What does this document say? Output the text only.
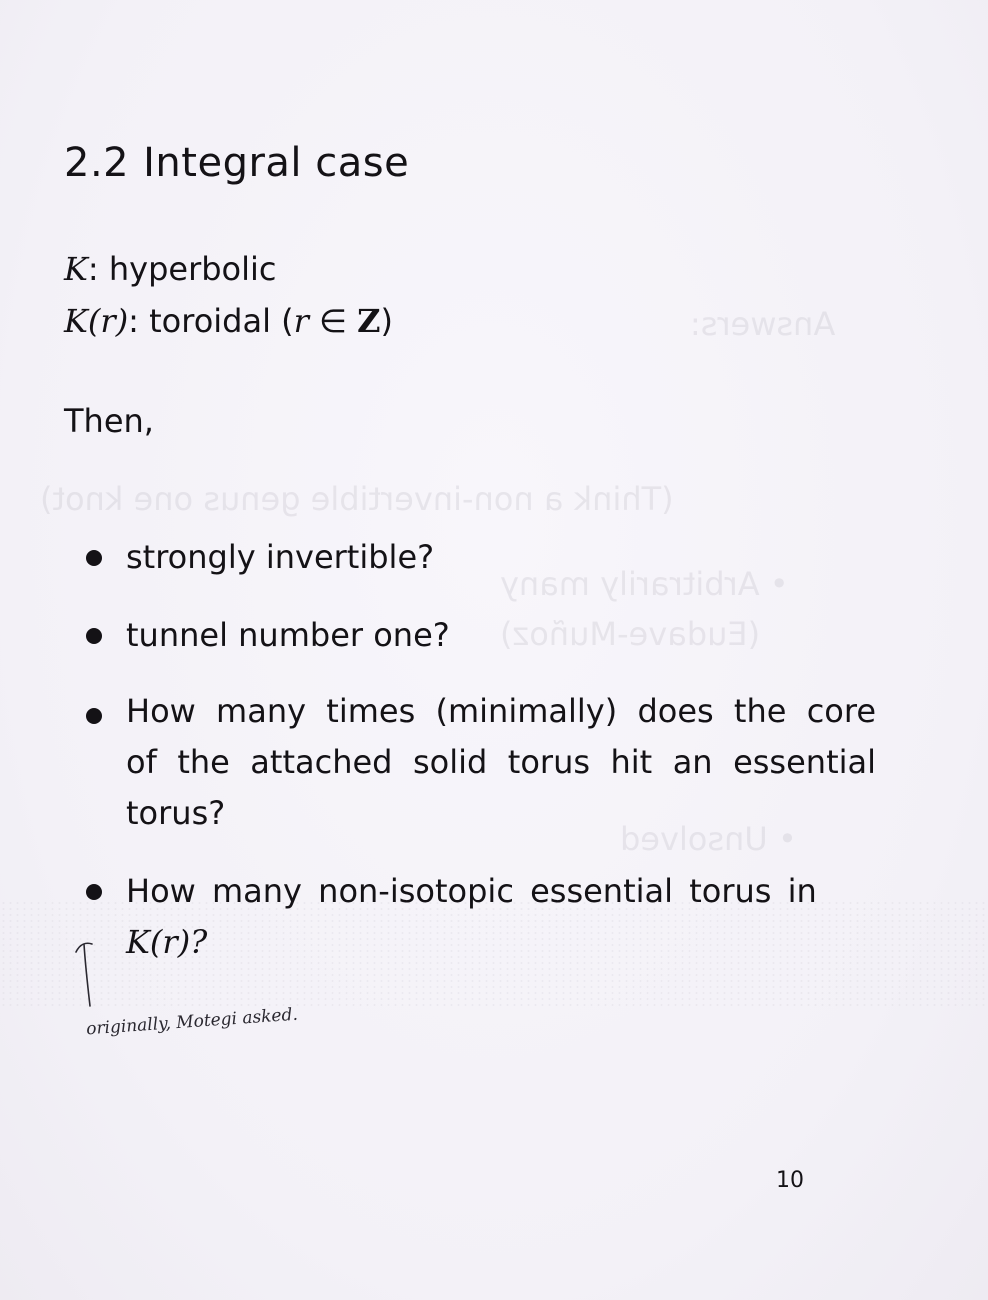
Answers:
(Think a non-invertible genus one knot)
• Arbitrarily many
(Eudave-Muñoz)
• Unsolved
2.2 Integral case
K: hyperbolic
K(r): toroidal (r ∈ Z)
Then,
strongly invertible?
tunnel number one?
How many times (minimally) does the core of the attached solid torus hit an essential torus?
How many non-isotopic essential torus in
K(r)?
originally, Motegi asked.
10
